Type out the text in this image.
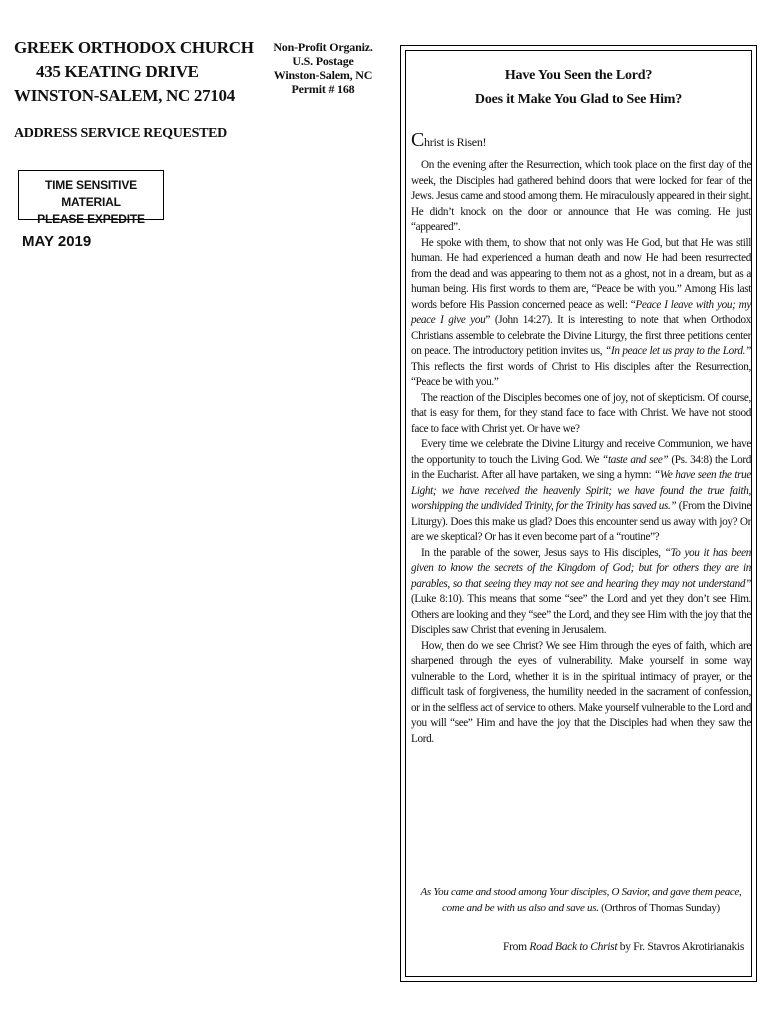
GREEK ORTHODOX CHURCH
435 KEATING DRIVE
WINSTON-SALEM, NC 27104
ADDRESS SERVICE REQUESTED
TIME SENSITIVE MATERIAL
PLEASE EXPEDITE
MAY 2019
Non-Profit Organiz.
U.S. Postage
Winston-Salem, NC
Permit # 168
Have You Seen the Lord?
Does it Make You Glad to See Him?
Christ is Risen!

On the evening after the Resurrection, which took place on the first day of the week, the Disciples had gathered behind doors that were locked for fear of the Jews. Jesus came and stood among them. He miraculously appeared in their sight. He didn’t knock on the door or announce that He was coming. He just “appeared”.

He spoke with them, to show that not only was He God, but that He was still human. He had experienced a human death and now He had been resurrected from the dead and was appearing to them not as a ghost, not in a dream, but as a human being. His first words to them are, “Peace be with you.” Among His last words before His Passion concerned peace as well: “Peace I leave with you; my peace I give you” (John 14:27). It is interesting to note that when Orthodox Christians assemble to celebrate the Divine Liturgy, the first three petitions center on peace. The introductory petition invites us, “In peace let us pray to the Lord.” This reflects the first words of Christ to His disciples after the Resurrection, “Peace be with you.”

The reaction of the Disciples becomes one of joy, not of skepticism. Of course, that is easy for them, for they stand face to face with Christ. We have not stood face to face with Christ yet. Or have we?

Every time we celebrate the Divine Liturgy and receive Communion, we have the opportunity to touch the Living God. We “taste and see” (Ps. 34:8) the Lord in the Eucharist. After all have partaken, we sing a hymn: “We have seen the true Light; we have received the heavenly Spirit; we have found the true faith, worshipping the undivided Trinity, for the Trinity has saved us.” (From the Divine Liturgy). Does this make us glad? Does this encounter send us away with joy? Or are we skeptical? Or has it even become part of a “routine”?

In the parable of the sower, Jesus says to His disciples, “To you it has been given to know the secrets of the Kingdom of God; but for others they are in parables, so that seeing they may not see and hearing they may not understand” (Luke 8:10). This means that some “see” the Lord and yet they don’t see Him. Others are looking and they “see” the Lord, and they see Him with the joy that the Disciples saw Christ that evening in Jerusalem.

How, then do we see Christ? We see Him through the eyes of faith, which are sharpened through the eyes of vulnerability. Make yourself in some way vulnerable to the Lord, whether it is in the spiritual intimacy of prayer, or the difficult task of forgiveness, the humility needed in the sacrament of confession, or in the selfless act of service to others. Make yourself vulnerable to the Lord and you will “see” Him and have the joy that the Disciples had when they saw the Lord.

As You came and stood among Your disciples, O Savior, and gave them peace,
come and be with us also and save us. (Orthros of Thomas Sunday)
From Road Back to Christ by Fr. Stavros Akrotirianakis
